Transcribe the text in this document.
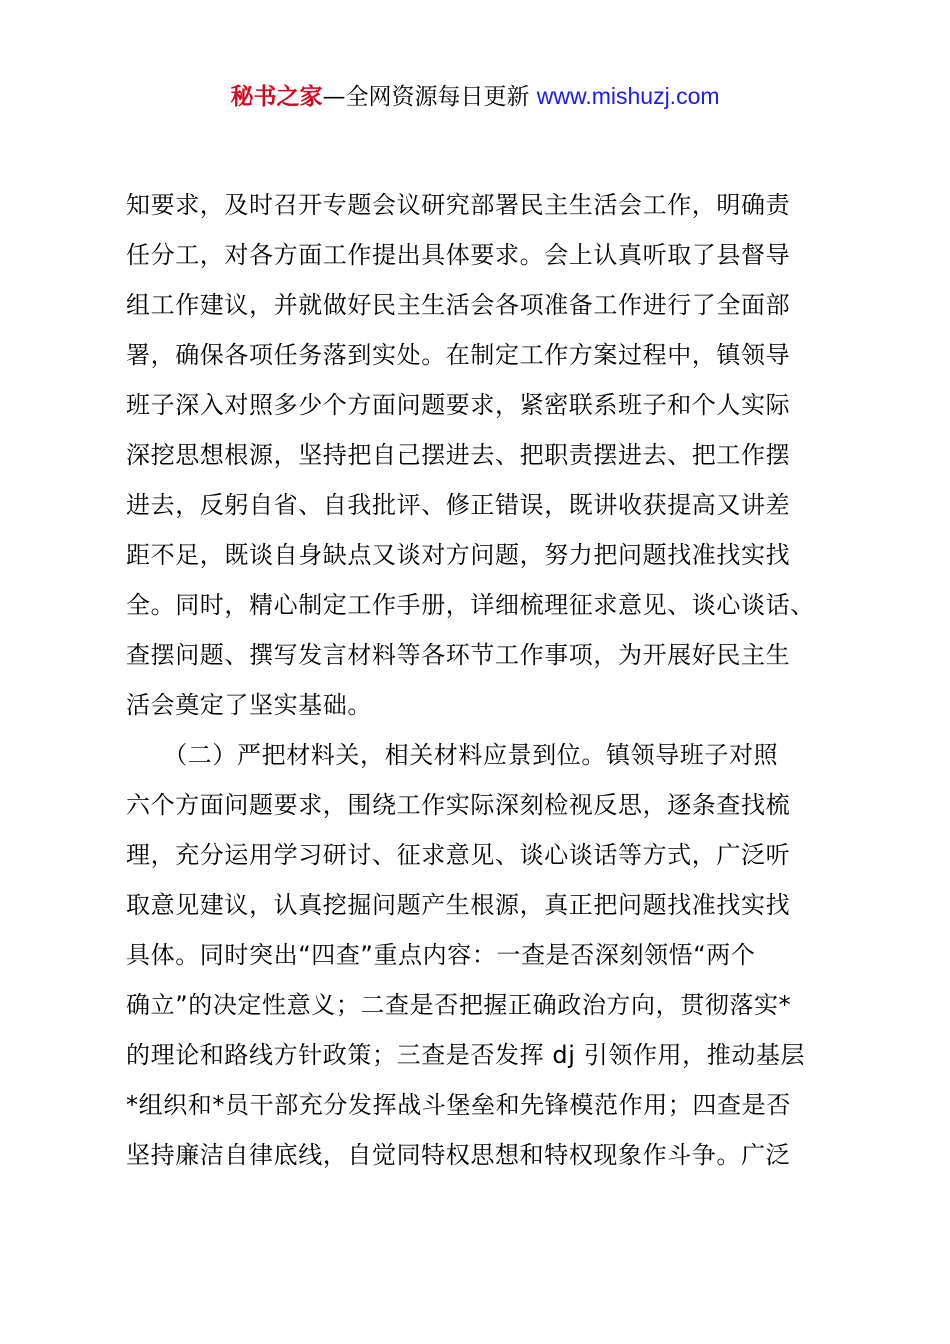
秘书之家—全网资源每日更新 www.mishuzj.com
知要求，及时召开专题会议研究部署民主生活会工作，明确责
任分工，对各方面工作提出具体要求。会上认真听取了县督导
组工作建议，并就做好民主生活会各项准备工作进行了全面部
署，确保各项任务落到实处。在制定工作方案过程中，镇领导
班子深入对照多少个方面问题要求，紧密联系班子和个人实际
深挖思想根源，坚持把自己摆进去、把职责摆进去、把工作摆
进去，反躬自省、自我批评、修正错误，既讲收获提高又讲差
距不足，既谈自身缺点又谈对方问题，努力把问题找准找实找
全。同时，精心制定工作手册，详细梳理征求意见、谈心谈话、
查摆问题、撰写发言材料等各环节工作事项，为开展好民主生
活会奠定了坚实基础。
　　（二）严把材料关，相关材料应景到位。镇领导班子对照
六个方面问题要求，围绕工作实际深刻检视反思，逐条查找梳
理，充分运用学习研讨、征求意见、谈心谈话等方式，广泛听
取意见建议，认真挖掘问题产生根源，真正把问题找准找实找
具体。同时突出“四查”重点内容：一查是否深刻领悟“两个
确立”的决定性意义；二查是否把握正确政治方向，贯彻落实*
的理论和路线方针政策；三查是否发挥 dj 引领作用，推动基层
*组织和*员干部充分发挥战斗堡垒和先锋模范作用；四查是否
坚持廉洁自律底线，自觉同特权思想和特权现象作斗争。广泛
